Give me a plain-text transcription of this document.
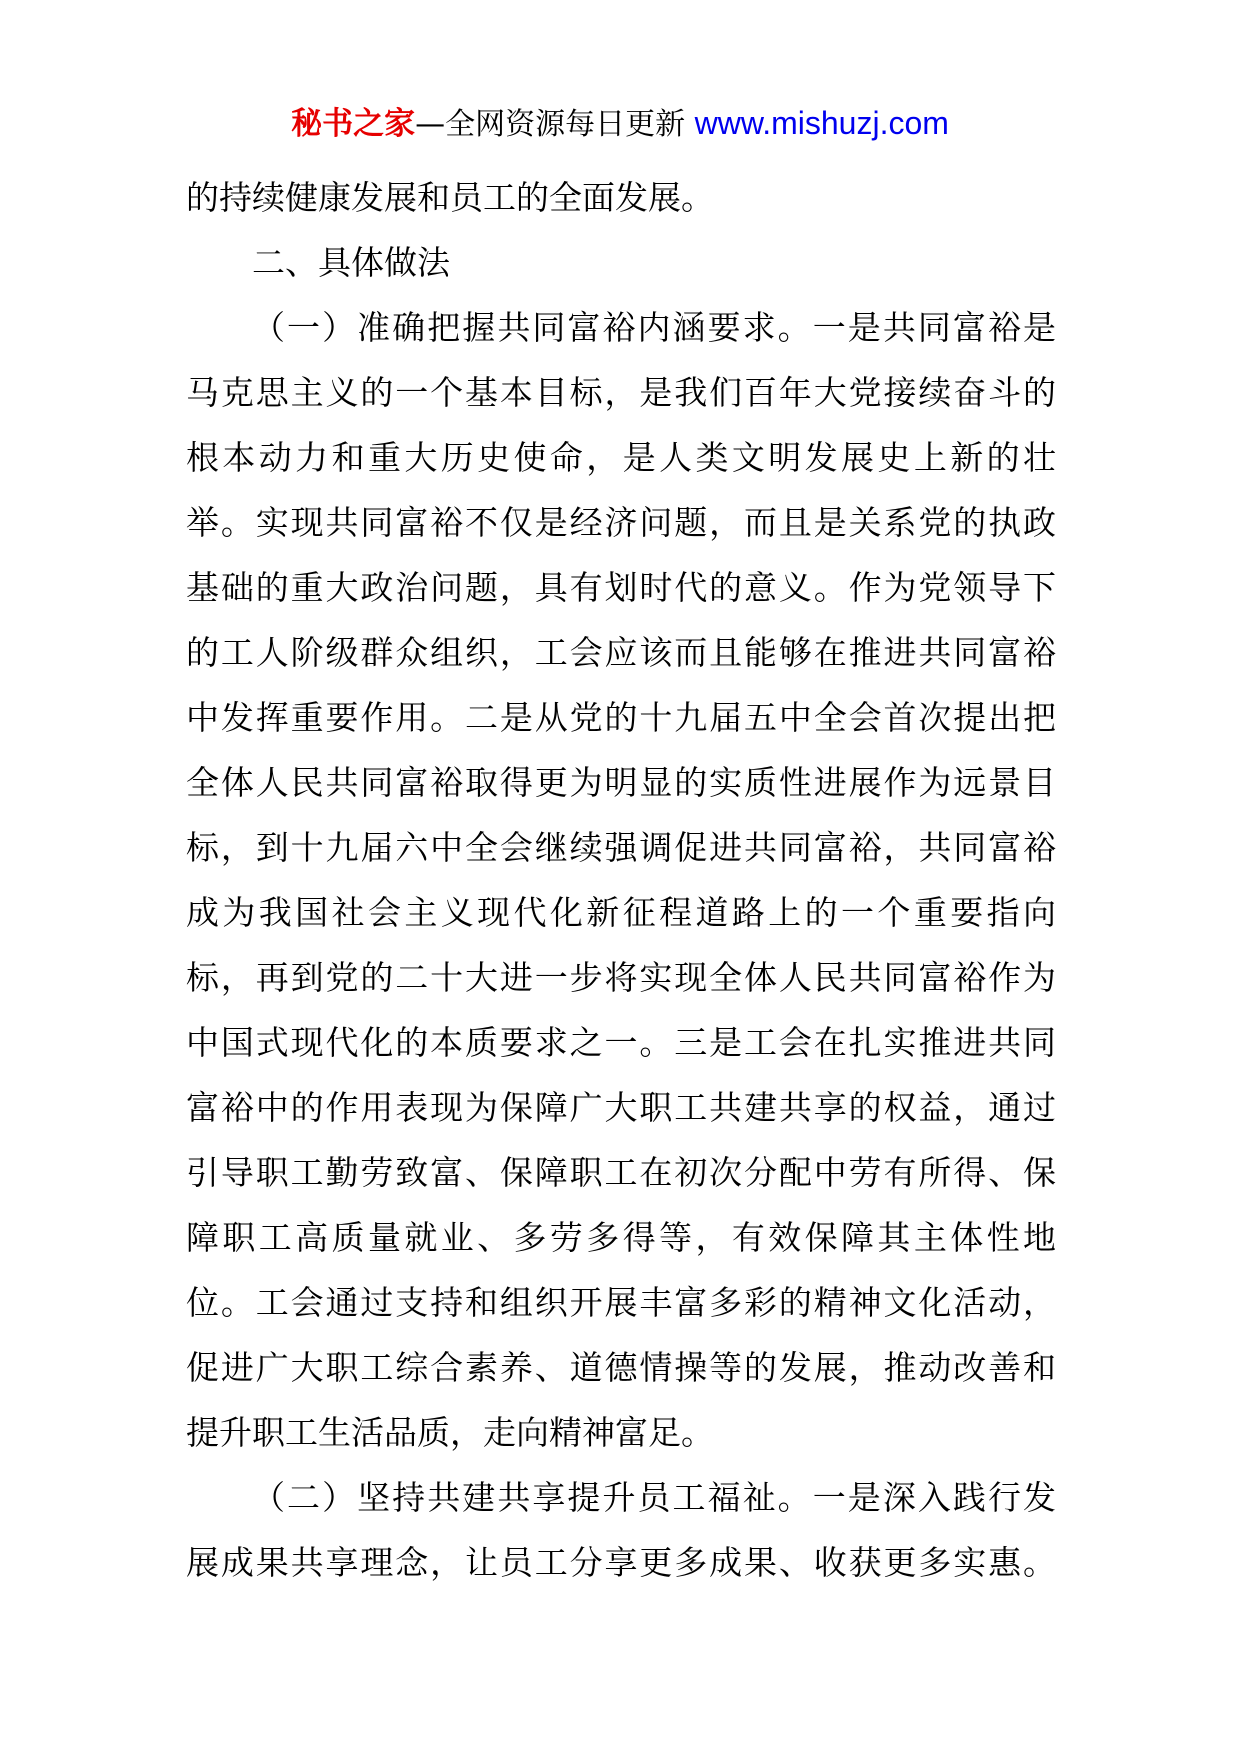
秘书之家—全网资源每日更新 www.mishuzj.com
的持续健康发展和员工的全面发展。
二、具体做法
（一）准确把握共同富裕内涵要求。一是共同富裕是
马克思主义的一个基本目标，是我们百年大党接续奋斗的
根本动力和重大历史使命，是人类文明发展史上新的壮
举。实现共同富裕不仅是经济问题，而且是关系党的执政
基础的重大政治问题，具有划时代的意义。作为党领导下
的工人阶级群众组织，工会应该而且能够在推进共同富裕
中发挥重要作用。二是从党的十九届五中全会首次提出把
全体人民共同富裕取得更为明显的实质性进展作为远景目
标，到十九届六中全会继续强调促进共同富裕，共同富裕
成为我国社会主义现代化新征程道路上的一个重要指向
标，再到党的二十大进一步将实现全体人民共同富裕作为
中国式现代化的本质要求之一。三是工会在扎实推进共同
富裕中的作用表现为保障广大职工共建共享的权益，通过
引导职工勤劳致富、保障职工在初次分配中劳有所得、保
障职工高质量就业、多劳多得等，有效保障其主体性地
位。工会通过支持和组织开展丰富多彩的精神文化活动，
促进广大职工综合素养、道德情操等的发展，推动改善和
提升职工生活品质，走向精神富足。
（二）坚持共建共享提升员工福祉。一是深入践行发
展成果共享理念，让员工分享更多成果、收获更多实惠。
